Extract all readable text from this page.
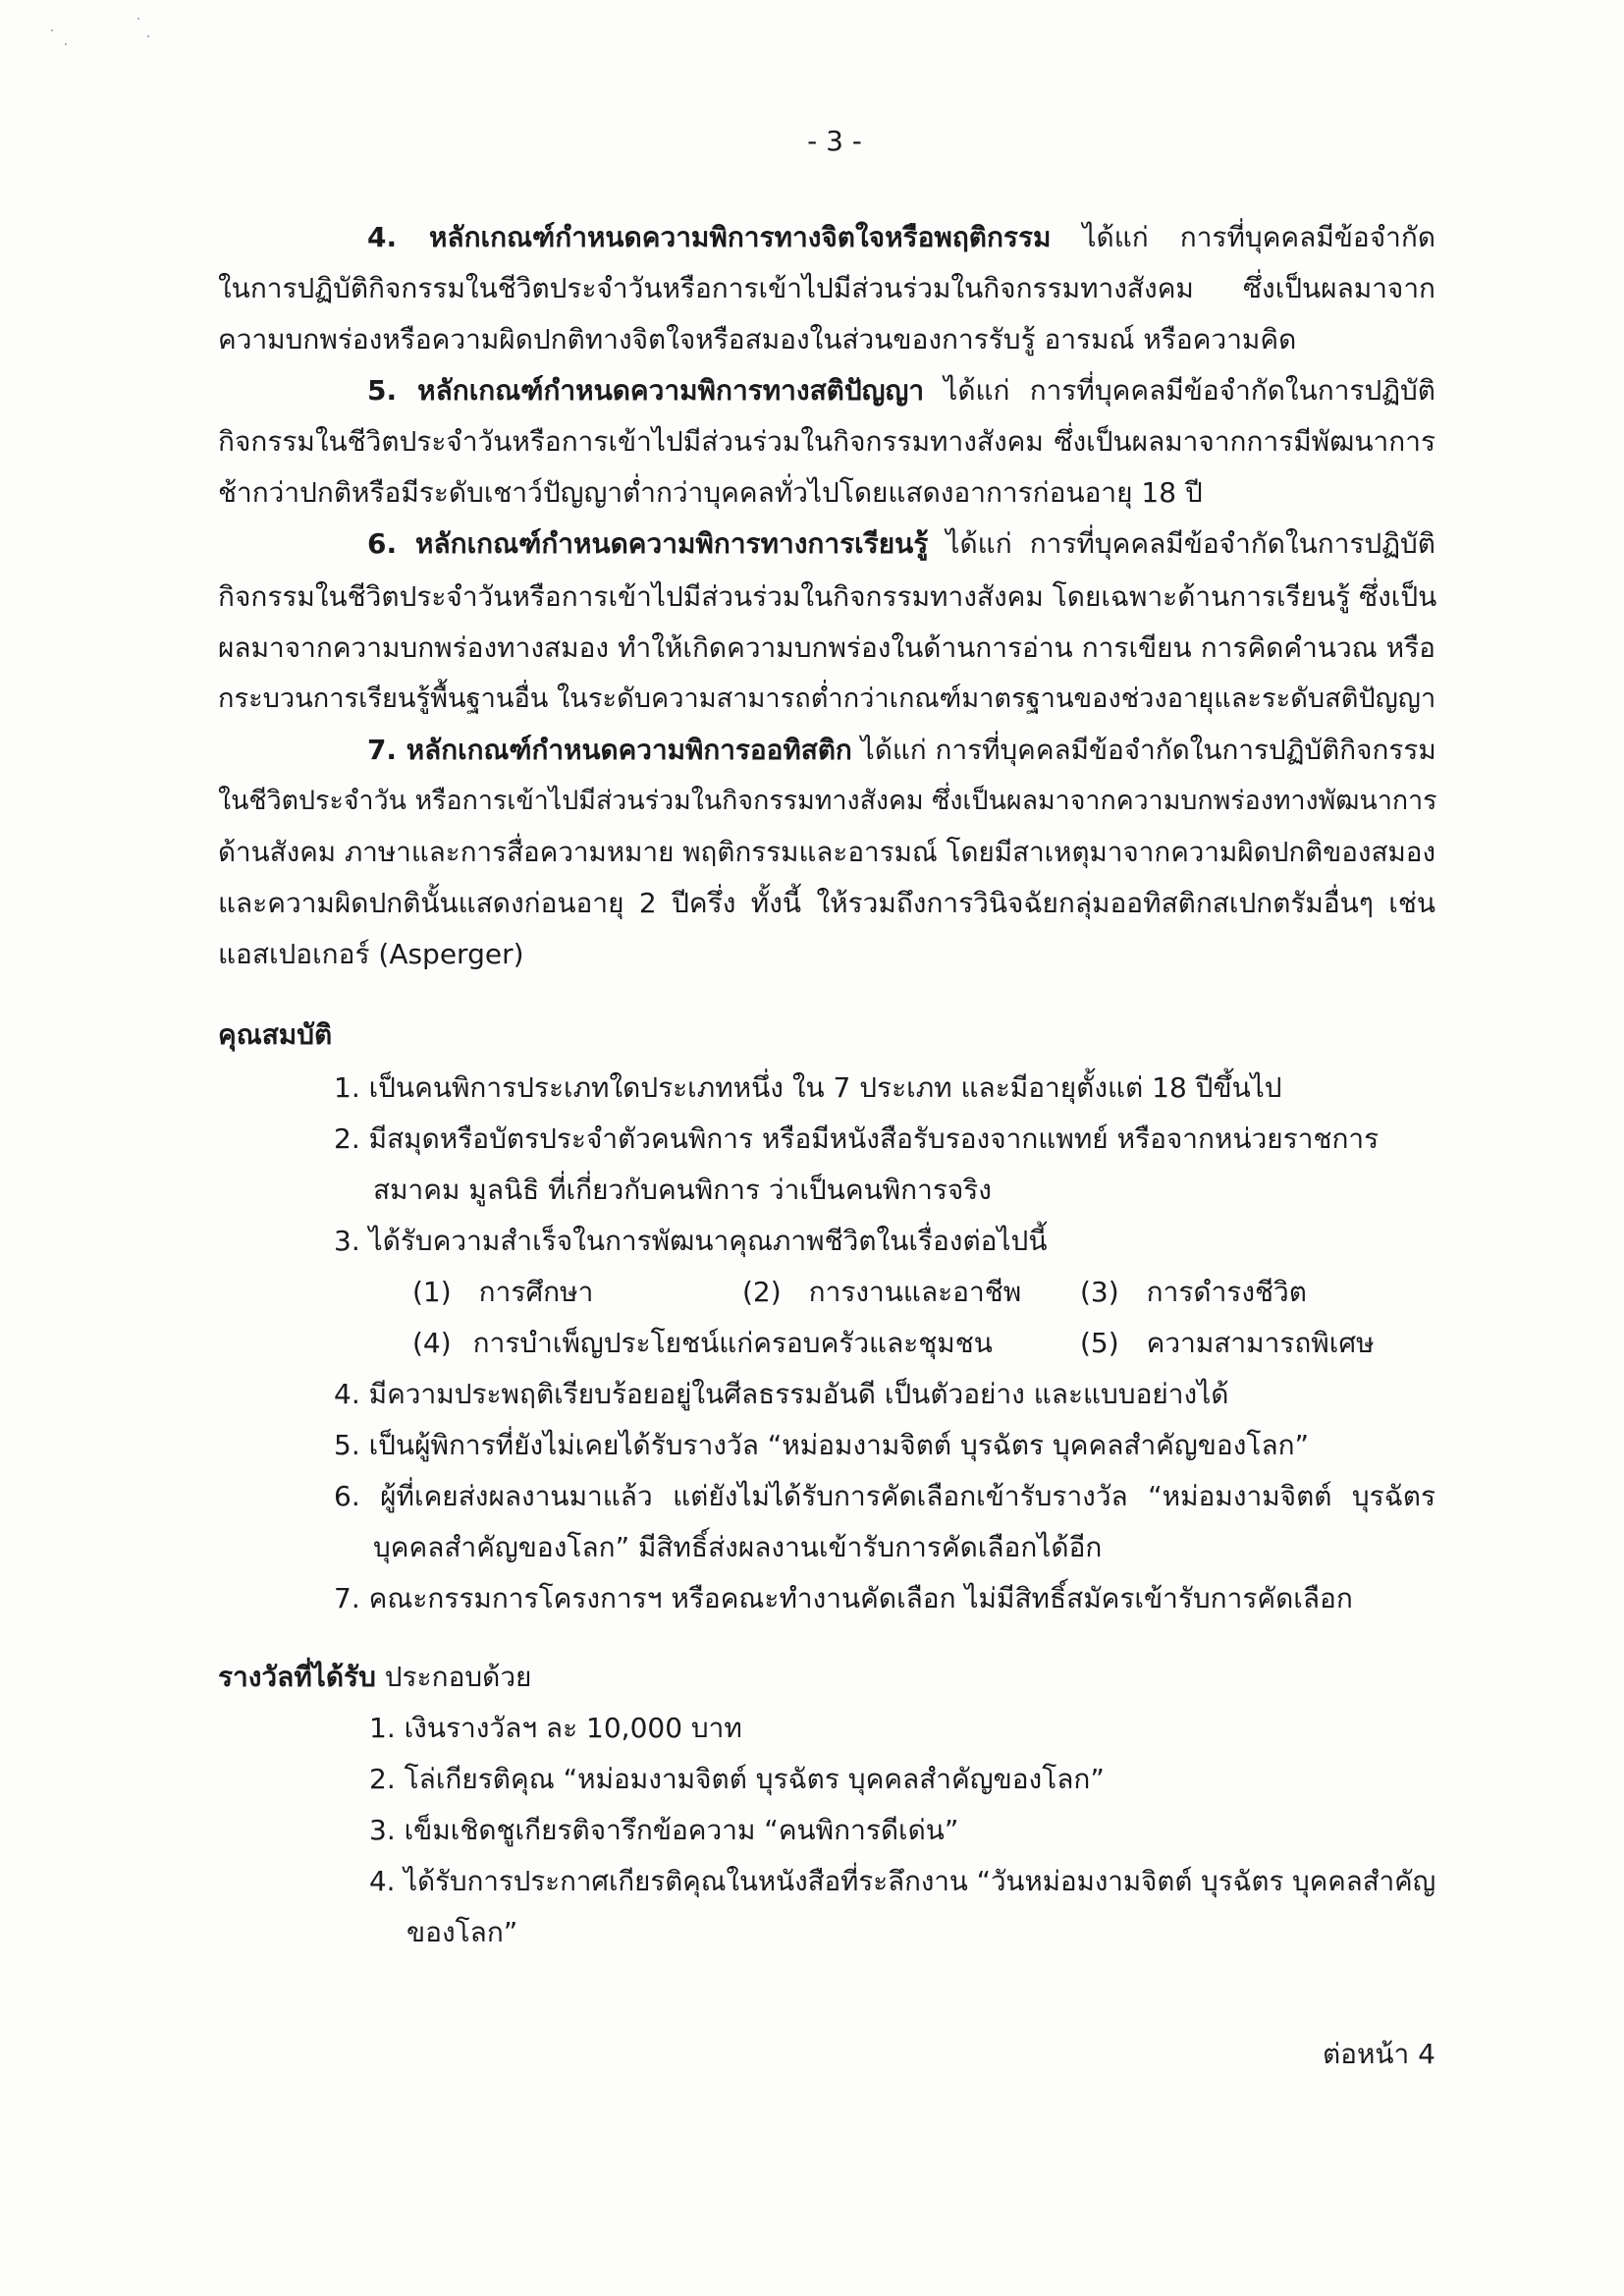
- 3 -
4. หลักเกณฑ์กำหนดความพิการทางจิตใจหรือพฤติกรรม ได้แก่ การที่บุคคลมีข้อจำกัด
ในการปฏิบัติกิจกรรมในชีวิตประจำวันหรือการเข้าไปมีส่วนร่วมในกิจกรรมทางสังคม ซึ่งเป็นผลมาจาก
ความบกพร่องหรือความผิดปกติทางจิตใจหรือสมองในส่วนของการรับรู้ อารมณ์ หรือความคิด
5. หลักเกณฑ์กำหนดความพิการทางสติปัญญา ได้แก่ การที่บุคคลมีข้อจำกัดในการปฏิบัติ
กิจกรรมในชีวิตประจำวันหรือการเข้าไปมีส่วนร่วมในกิจกรรมทางสังคม ซึ่งเป็นผลมาจากการมีพัฒนาการ
ช้ากว่าปกติหรือมีระดับเชาว์ปัญญาต่ำกว่าบุคคลทั่วไปโดยแสดงอาการก่อนอายุ 18 ปี
6. หลักเกณฑ์กำหนดความพิการทางการเรียนรู้ ได้แก่ การที่บุคคลมีข้อจำกัดในการปฏิบัติ
กิจกรรมในชีวิตประจำวันหรือการเข้าไปมีส่วนร่วมในกิจกรรมทางสังคม โดยเฉพาะด้านการเรียนรู้ ซึ่งเป็น
ผลมาจากความบกพร่องทางสมอง ทำให้เกิดความบกพร่องในด้านการอ่าน การเขียน การคิดคำนวณ หรือ
กระบวนการเรียนรู้พื้นฐานอื่น ในระดับความสามารถต่ำกว่าเกณฑ์มาตรฐานของช่วงอายุและระดับสติปัญญา
7. หลักเกณฑ์กำหนดความพิการออทิสติก ได้แก่ การที่บุคคลมีข้อจำกัดในการปฏิบัติกิจกรรม
ในชีวิตประจำวัน หรือการเข้าไปมีส่วนร่วมในกิจกรรมทางสังคม ซึ่งเป็นผลมาจากความบกพร่องทางพัฒนาการ
ด้านสังคม ภาษาและการสื่อความหมาย พฤติกรรมและอารมณ์ โดยมีสาเหตุมาจากความผิดปกติของสมอง
และความผิดปกตินั้นแสดงก่อนอายุ 2 ปีครึ่ง ทั้งนี้ ให้รวมถึงการวินิจฉัยกลุ่มออทิสติกสเปกตรัมอื่นๆ เช่น
แอสเปอเกอร์ (Asperger)
คุณสมบัติ
1. เป็นคนพิการประเภทใดประเภทหนึ่ง ใน 7 ประเภท และมีอายุตั้งแต่ 18 ปีขึ้นไป
2. มีสมุดหรือบัตรประจำตัวคนพิการ หรือมีหนังสือรับรองจากแพทย์ หรือจากหน่วยราชการ
สมาคม มูลนิธิ ที่เกี่ยวกับคนพิการ ว่าเป็นคนพิการจริง
3. ได้รับความสำเร็จในการพัฒนาคุณภาพชีวิตในเรื่องต่อไปนี้
(1) การศึกษา	(2) การงานและอาชีพ (3) การดำรงชีวิต
(4) การบำเพ็ญประโยชน์แก่ครอบครัวและชุมชน	(5) ความสามารถพิเศษ
4. มีความประพฤติเรียบร้อยอยู่ในศีลธรรมอันดี เป็นตัวอย่าง และแบบอย่างได้
5. เป็นผู้พิการที่ยังไม่เคยได้รับรางวัล “หม่อมงามจิตต์ บุรฉัตร บุคคลสำคัญของโลก”
6. ผู้ที่เคยส่งผลงานมาแล้ว แต่ยังไม่ได้รับการคัดเลือกเข้ารับรางวัล “หม่อมงามจิตต์ บุรฉัตร
บุคคลสำคัญของโลก” มีสิทธิ์ส่งผลงานเข้ารับการคัดเลือกได้อีก
7. คณะกรรมการโครงการฯ หรือคณะทำงานคัดเลือก ไม่มีสิทธิ์สมัครเข้ารับการคัดเลือก
รางวัลที่ได้รับ ประกอบด้วย
1. เงินรางวัลฯ ละ 10,000 บาท
2. โล่เกียรติคุณ “หม่อมงามจิตต์ บุรฉัตร บุคคลสำคัญของโลก”
3. เข็มเชิดชูเกียรติจารึกข้อความ “คนพิการดีเด่น”
4. ได้รับการประกาศเกียรติคุณในหนังสือที่ระลึกงาน “วันหม่อมงามจิตต์ บุรฉัตร บุคคลสำคัญ
ของโลก”
ต่อหน้า 4
